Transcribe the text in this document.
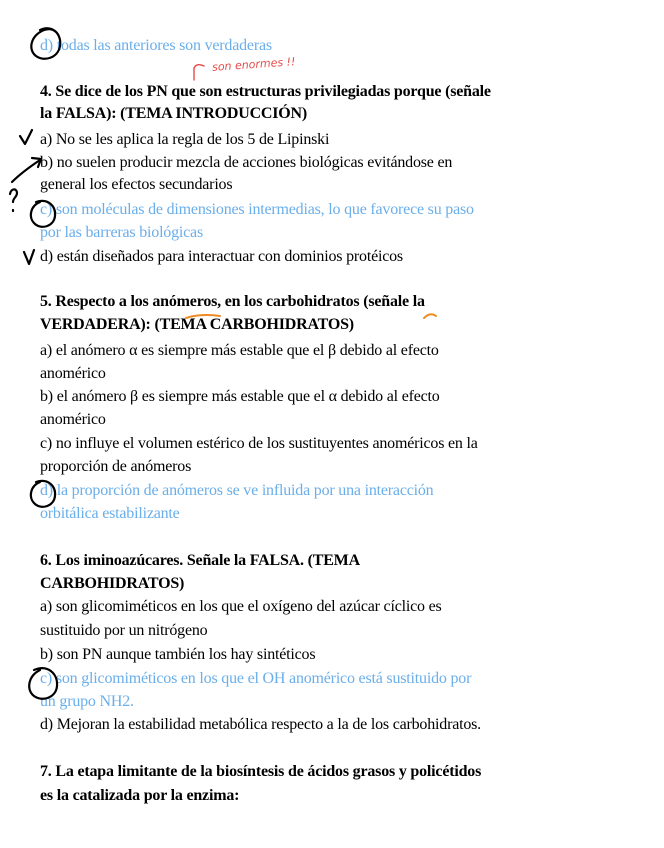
d) todas las anteriores son verdaderas
4. Se dice de los PN que son estructuras privilegiadas porque (señale
la FALSA): (TEMA INTRODUCCIÓN)
a) No se les aplica la regla de los 5 de Lipinski
b) no suelen producir mezcla de acciones biológicas evitándose en
general los efectos secundarios
c) son moléculas de dimensiones intermedias, lo que favorece su paso
por las barreras biológicas
d) están diseñados para interactuar con dominios protéicos
5. Respecto a los anómeros, en los carbohidratos (señale la
VERDADERA): (TEMA CARBOHIDRATOS)
a) el anómero α es siempre más estable que el β debido al efecto
anomérico
b) el anómero β es siempre más estable que el α debido al efecto
anomérico
c) no influye el volumen estérico de los sustituyentes anoméricos en la
proporción de anómeros
d) la proporción de anómeros se ve influida por una interacción
orbitálica estabilizante
6. Los iminoazúcares. Señale la FALSA. (TEMA
CARBOHIDRATOS)
a) son glicomiméticos en los que el oxígeno del azúcar cíclico es
sustituido por un nitrógeno
b) son PN aunque también los hay sintéticos
c) son glicomiméticos en los que el OH anomérico está sustituido por
un grupo NH2.
d) Mejoran la estabilidad metabólica respecto a la de los carbohidratos.
7. La etapa limitante de la biosíntesis de ácidos grasos y policétidos
es la catalizada por la enzima:
son enormes !!
